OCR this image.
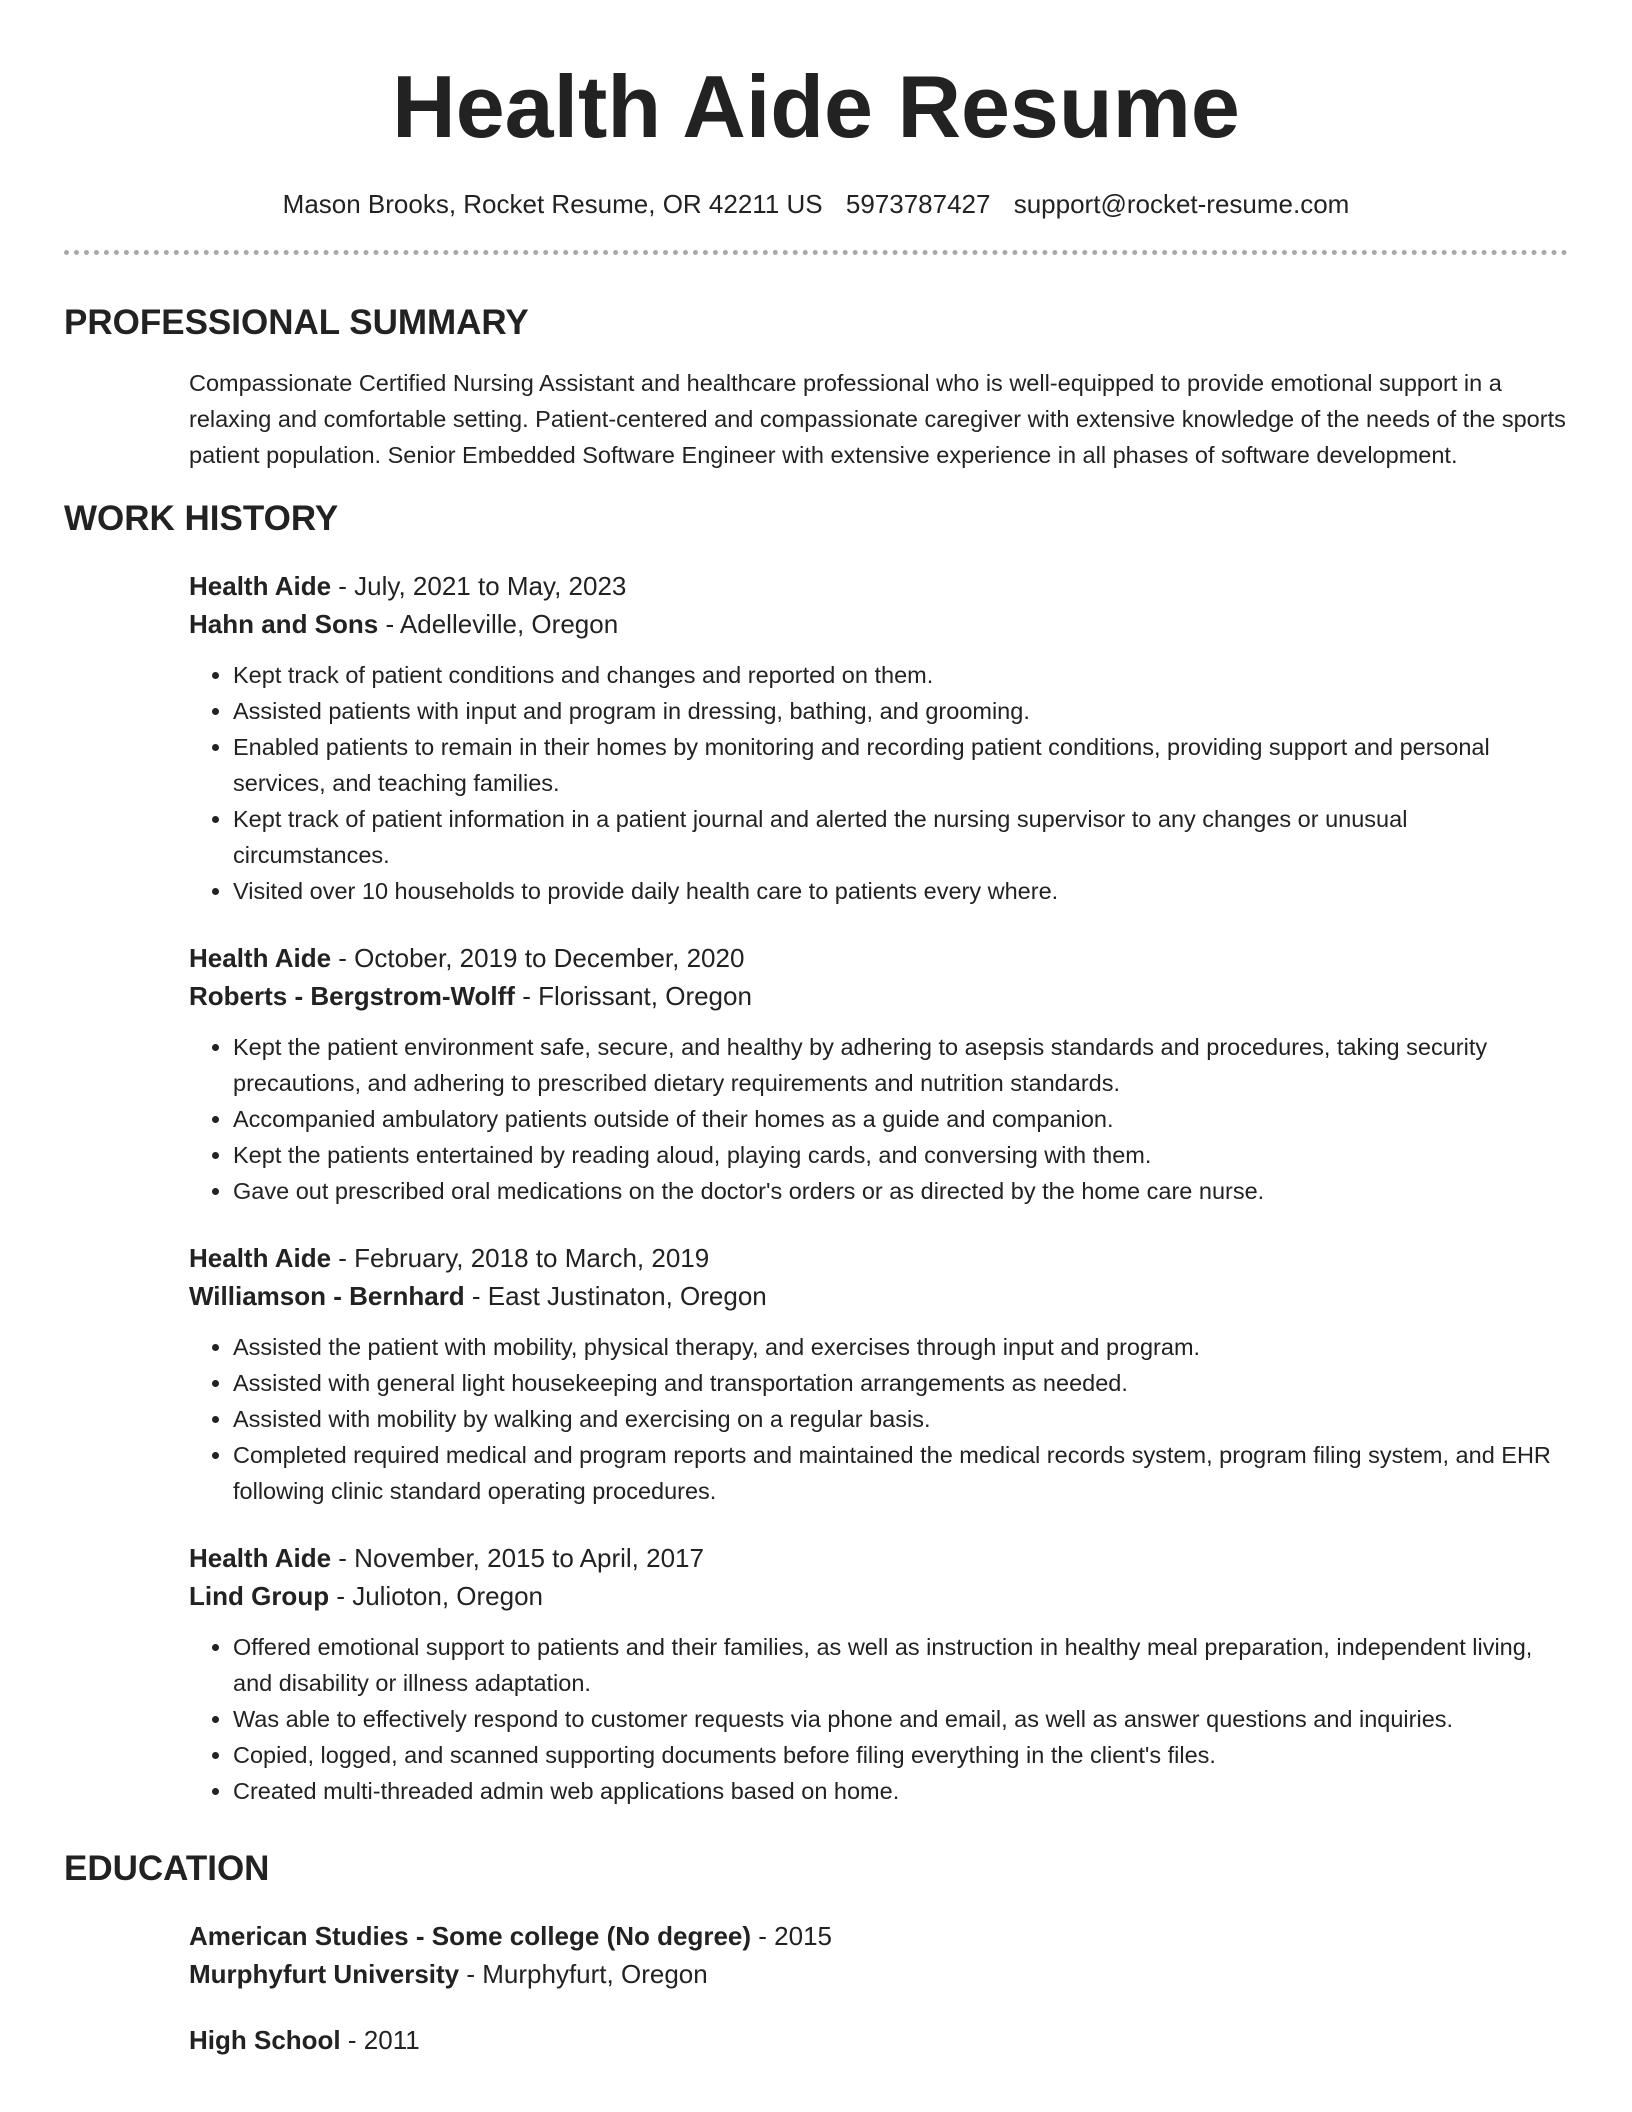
Health Aide Resume
Mason Brooks, Rocket Resume, OR 42211 US 5973787427 support@rocket-resume.com
PROFESSIONAL SUMMARY
Compassionate Certified Nursing Assistant and healthcare professional who is well-equipped to provide emotional support in a relaxing and comfortable setting. Patient-centered and compassionate caregiver with extensive knowledge of the needs of the sports patient population. Senior Embedded Software Engineer with extensive experience in all phases of software development.
WORK HISTORY
Health Aide - July, 2021 to May, 2023
Hahn and Sons - Adelleville, Oregon
• Kept track of patient conditions and changes and reported on them.
• Assisted patients with input and program in dressing, bathing, and grooming.
• Enabled patients to remain in their homes by monitoring and recording patient conditions, providing support and personal services, and teaching families.
• Kept track of patient information in a patient journal and alerted the nursing supervisor to any changes or unusual circumstances.
• Visited over 10 households to provide daily health care to patients every where.
Health Aide - October, 2019 to December, 2020
Roberts - Bergstrom-Wolff - Florissant, Oregon
• Kept the patient environment safe, secure, and healthy by adhering to asepsis standards and procedures, taking security precautions, and adhering to prescribed dietary requirements and nutrition standards.
• Accompanied ambulatory patients outside of their homes as a guide and companion.
• Kept the patients entertained by reading aloud, playing cards, and conversing with them.
• Gave out prescribed oral medications on the doctor's orders or as directed by the home care nurse.
Health Aide - February, 2018 to March, 2019
Williamson - Bernhard - East Justinaton, Oregon
• Assisted the patient with mobility, physical therapy, and exercises through input and program.
• Assisted with general light housekeeping and transportation arrangements as needed.
• Assisted with mobility by walking and exercising on a regular basis.
• Completed required medical and program reports and maintained the medical records system, program filing system, and EHR following clinic standard operating procedures.
Health Aide - November, 2015 to April, 2017
Lind Group - Julioton, Oregon
• Offered emotional support to patients and their families, as well as instruction in healthy meal preparation, independent living, and disability or illness adaptation.
• Was able to effectively respond to customer requests via phone and email, as well as answer questions and inquiries.
• Copied, logged, and scanned supporting documents before filing everything in the client's files.
• Created multi-threaded admin web applications based on home.
EDUCATION
American Studies - Some college (No degree) - 2015
Murphyfurt University - Murphyfurt, Oregon
High School - 2011
